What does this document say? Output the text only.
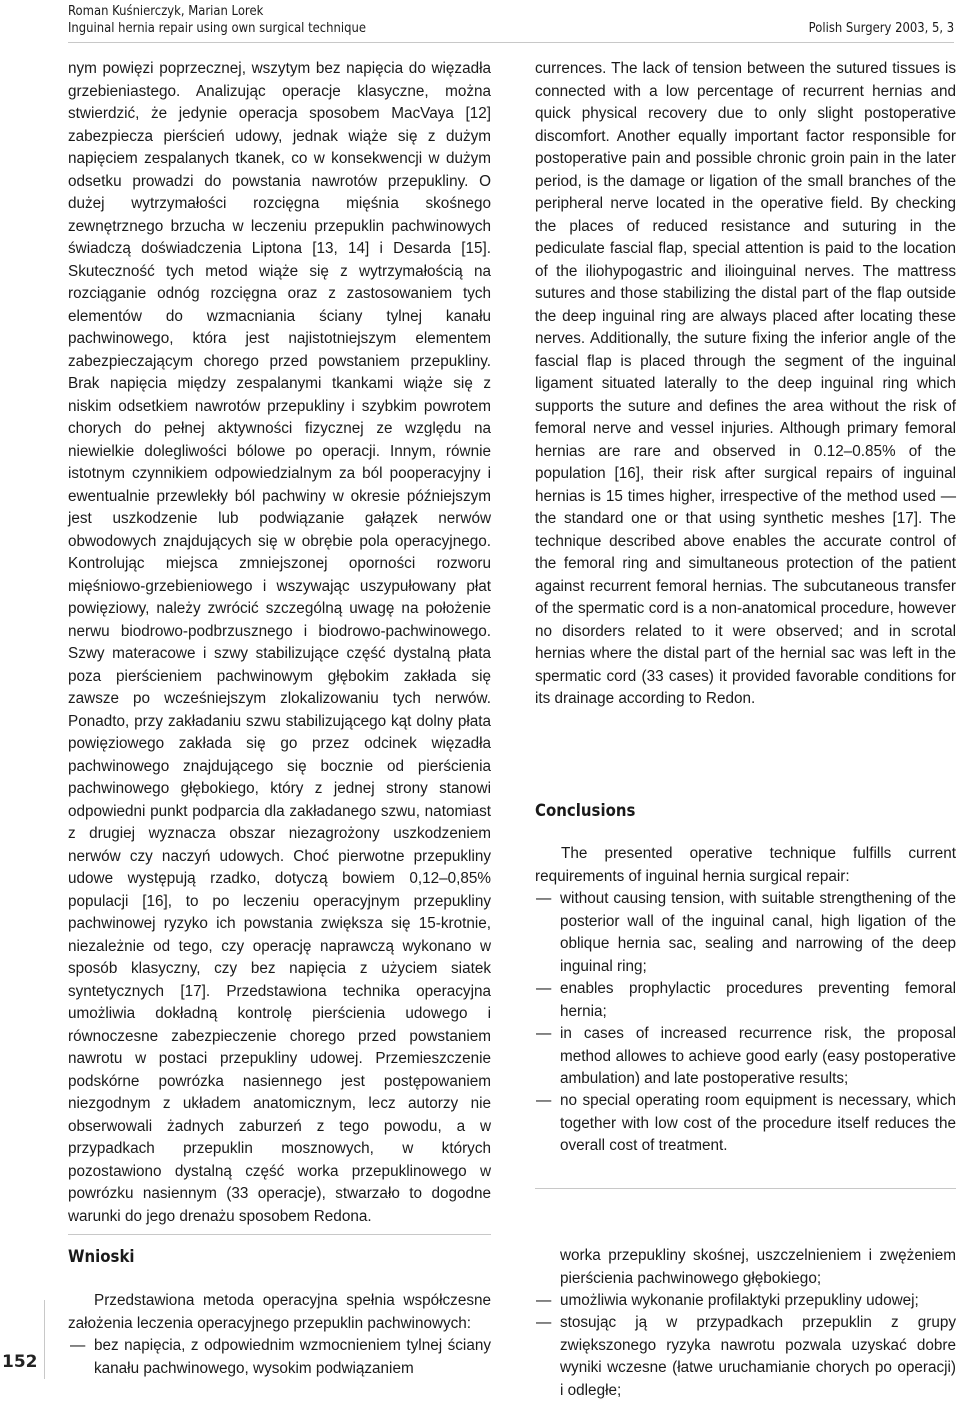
Roman Kuśnierczyk, Marian Lorek
Inguinal hernia repair using own surgical technique	Polish Surgery 2003, 5, 3

nym powięzi poprzecznej, wszytym bez napięcia do więzadła grzebieniastego. Analizując operacje klasyczne, można stwierdzić, że jedynie operacja sposobem MacVaya [12] zabezpiecza pierścień udowy, jednak wiąże się z dużym napięciem zespalanych tkanek, co w konsekwencji w dużym odsetku prowadzi do powstania nawrotów przepukliny. O dużej wytrzymałości rozcięgna mięśnia skośnego zewnętrznego brzucha w leczeniu przepuklin pachwinowych świadczą doświadczenia Liptona [13, 14] i Desarda [15]. Skuteczność tych metod wiąże się z wytrzymałością na rozciąganie odnóg rozcięgna oraz z zastosowaniem tych elementów do wzmacniania ściany tylnej kanału pachwinowego, która jest najistotniejszym elementem zabezpieczającym chorego przed powstaniem przepukliny. Brak napięcia między zespalanymi tkankami wiąże się z niskim odsetkiem nawrotów przepukliny i szybkim powrotem chorych do pełnej aktywności fizycznej ze względu na niewielkie dolegliwości bólowe po operacji. Innym, równie istotnym czynnikiem odpowiedzialnym za ból pooperacyjny i ewentualnie przewlekły ból pachwiny w okresie późniejszym jest uszkodzenie lub podwiązanie gałązek nerwów obwodowych znajdujących się w obrębie pola operacyjnego. Kontrolując miejsca zmniejszonej oporności rozworu mięśniowo-grzebieniowego i wszywając uszypułowany płat powięziowy, należy zwrócić szczególną uwagę na położenie nerwu biodrowo-podbrzusznego i biodrowo-pachwinowego. Szwy materacowe i szwy stabilizujące część dystalną płata poza pierścieniem pachwinowym głębokim zakłada się zawsze po wcześniejszym zlokalizowaniu tych nerwów. Ponadto, przy zakładaniu szwu stabilizującego kąt dolny płata powięziowego zakłada się go przez odcinek więzadła pachwinowego znajdującego się bocznie od pierścienia pachwinowego głębokiego, który z jednej strony stanowi odpowiedni punkt podparcia dla zakładanego szwu, natomiast z drugiej wyznacza obszar niezagrożony uszkodzeniem nerwów czy naczyń udowych. Choć pierwotne przepukliny udowe występują rzadko, dotyczą bowiem 0,12–0,85% populacji [16], to po leczeniu operacyjnym przepukliny pachwinowej ryzyko ich powstania zwiększa się 15-krotnie, niezależnie od tego, czy operację naprawczą wykonano w sposób klasyczny, czy bez napięcia z użyciem siatek syntetycznych [17]. Przedstawiona technika operacyjna umożliwia dokładną kontrolę pierścienia udowego i równoczesne zabezpieczenie chorego przed powstaniem nawrotu w postaci przepukliny udowej. Przemieszczenie podskórne powrózka nasiennego jest postępowaniem niezgodnym z układem anatomicznym, lecz autorzy nie obserwowali żadnych zaburzeń z tego powodu, a w przypadkach przepuklin mosznowych, w których pozostawiono dystalną część worka przepuklinowego w powrózku nasiennym (33 operacje), stwarzało to dogodne warunki do jego drenażu sposobem Redona.

currences. The lack of tension between the sutured tissues is connected with a low percentage of recurrent hernias and quick physical recovery due to only slight postoperative discomfort. Another equally important factor responsible for postoperative pain and possible chronic groin pain in the later period, is the damage or ligation of the small branches of the peripheral nerve located in the operative field. By checking the places of reduced resistance and suturing in the pediculate fascial flap, special attention is paid to the location of the iliohypogastric and ilioinguinal nerves. The mattress sutures and those stabilizing the distal part of the flap outside the deep inguinal ring are always placed after locating these nerves. Additionally, the suture fixing the inferior angle of the fascial flap is placed through the segment of the inguinal ligament situated laterally to the deep inguinal ring which supports the suture and defines the area without the risk of femoral nerve and vessel injuries. Although primary femoral hernias are rare and observed in 0.12–0.85% of the population [16], their risk after surgical repairs of inguinal hernias is 15 times higher, irrespective of the method used — the standard one or that using synthetic meshes [17]. The technique described above enables the accurate control of the femoral ring and simultaneous protection of the patient against recurrent femoral hernias. The subcutaneous transfer of the spermatic cord is a non-anatomical procedure, however no disorders related to it were observed; and in scrotal hernias where the distal part of the hernial sac was left in the spermatic cord (33 cases) it provided favorable conditions for its drainage according to Redon.

Conclusions

The presented operative technique fulfills current requirements of inguinal hernia surgical repair:

— without causing tension, with suitable strengthening of the posterior wall of the inguinal canal, high ligation of the oblique hernia sac, sealing and narrowing of the deep inguinal ring;
— enables prophylactic procedures preventing femoral hernia;
— in cases of increased recurrence risk, the proposal method allowes to achieve good early (easy postoperative ambulation) and late postoperative results;
— no special operating room equipment is necessary, which together with low cost of the procedure itself reduces the overall cost of treatment.
Wnioski

Przedstawiona metoda operacyjna spełnia współczesne założenia leczenia operacyjnego przepuklin pachwinowych:

— bez napięcia, z odpowiednim wzmocnieniem tylnej ściany kanału pachwinowego, wysokim podwiązaniem
worka przepukliny skośnej, uszczelnieniem i zwężeniem pierścienia pachwinowego głębokiego;
— umożliwia wykonanie profilaktyki przepukliny udowej;
— stosując ją w przypadkach przepuklin z grupy zwiększonego ryzyka nawrotu pozwala uzyskać dobre wyniki wczesne (łatwe uruchamianie chorych po operacji) i odległe;
152
